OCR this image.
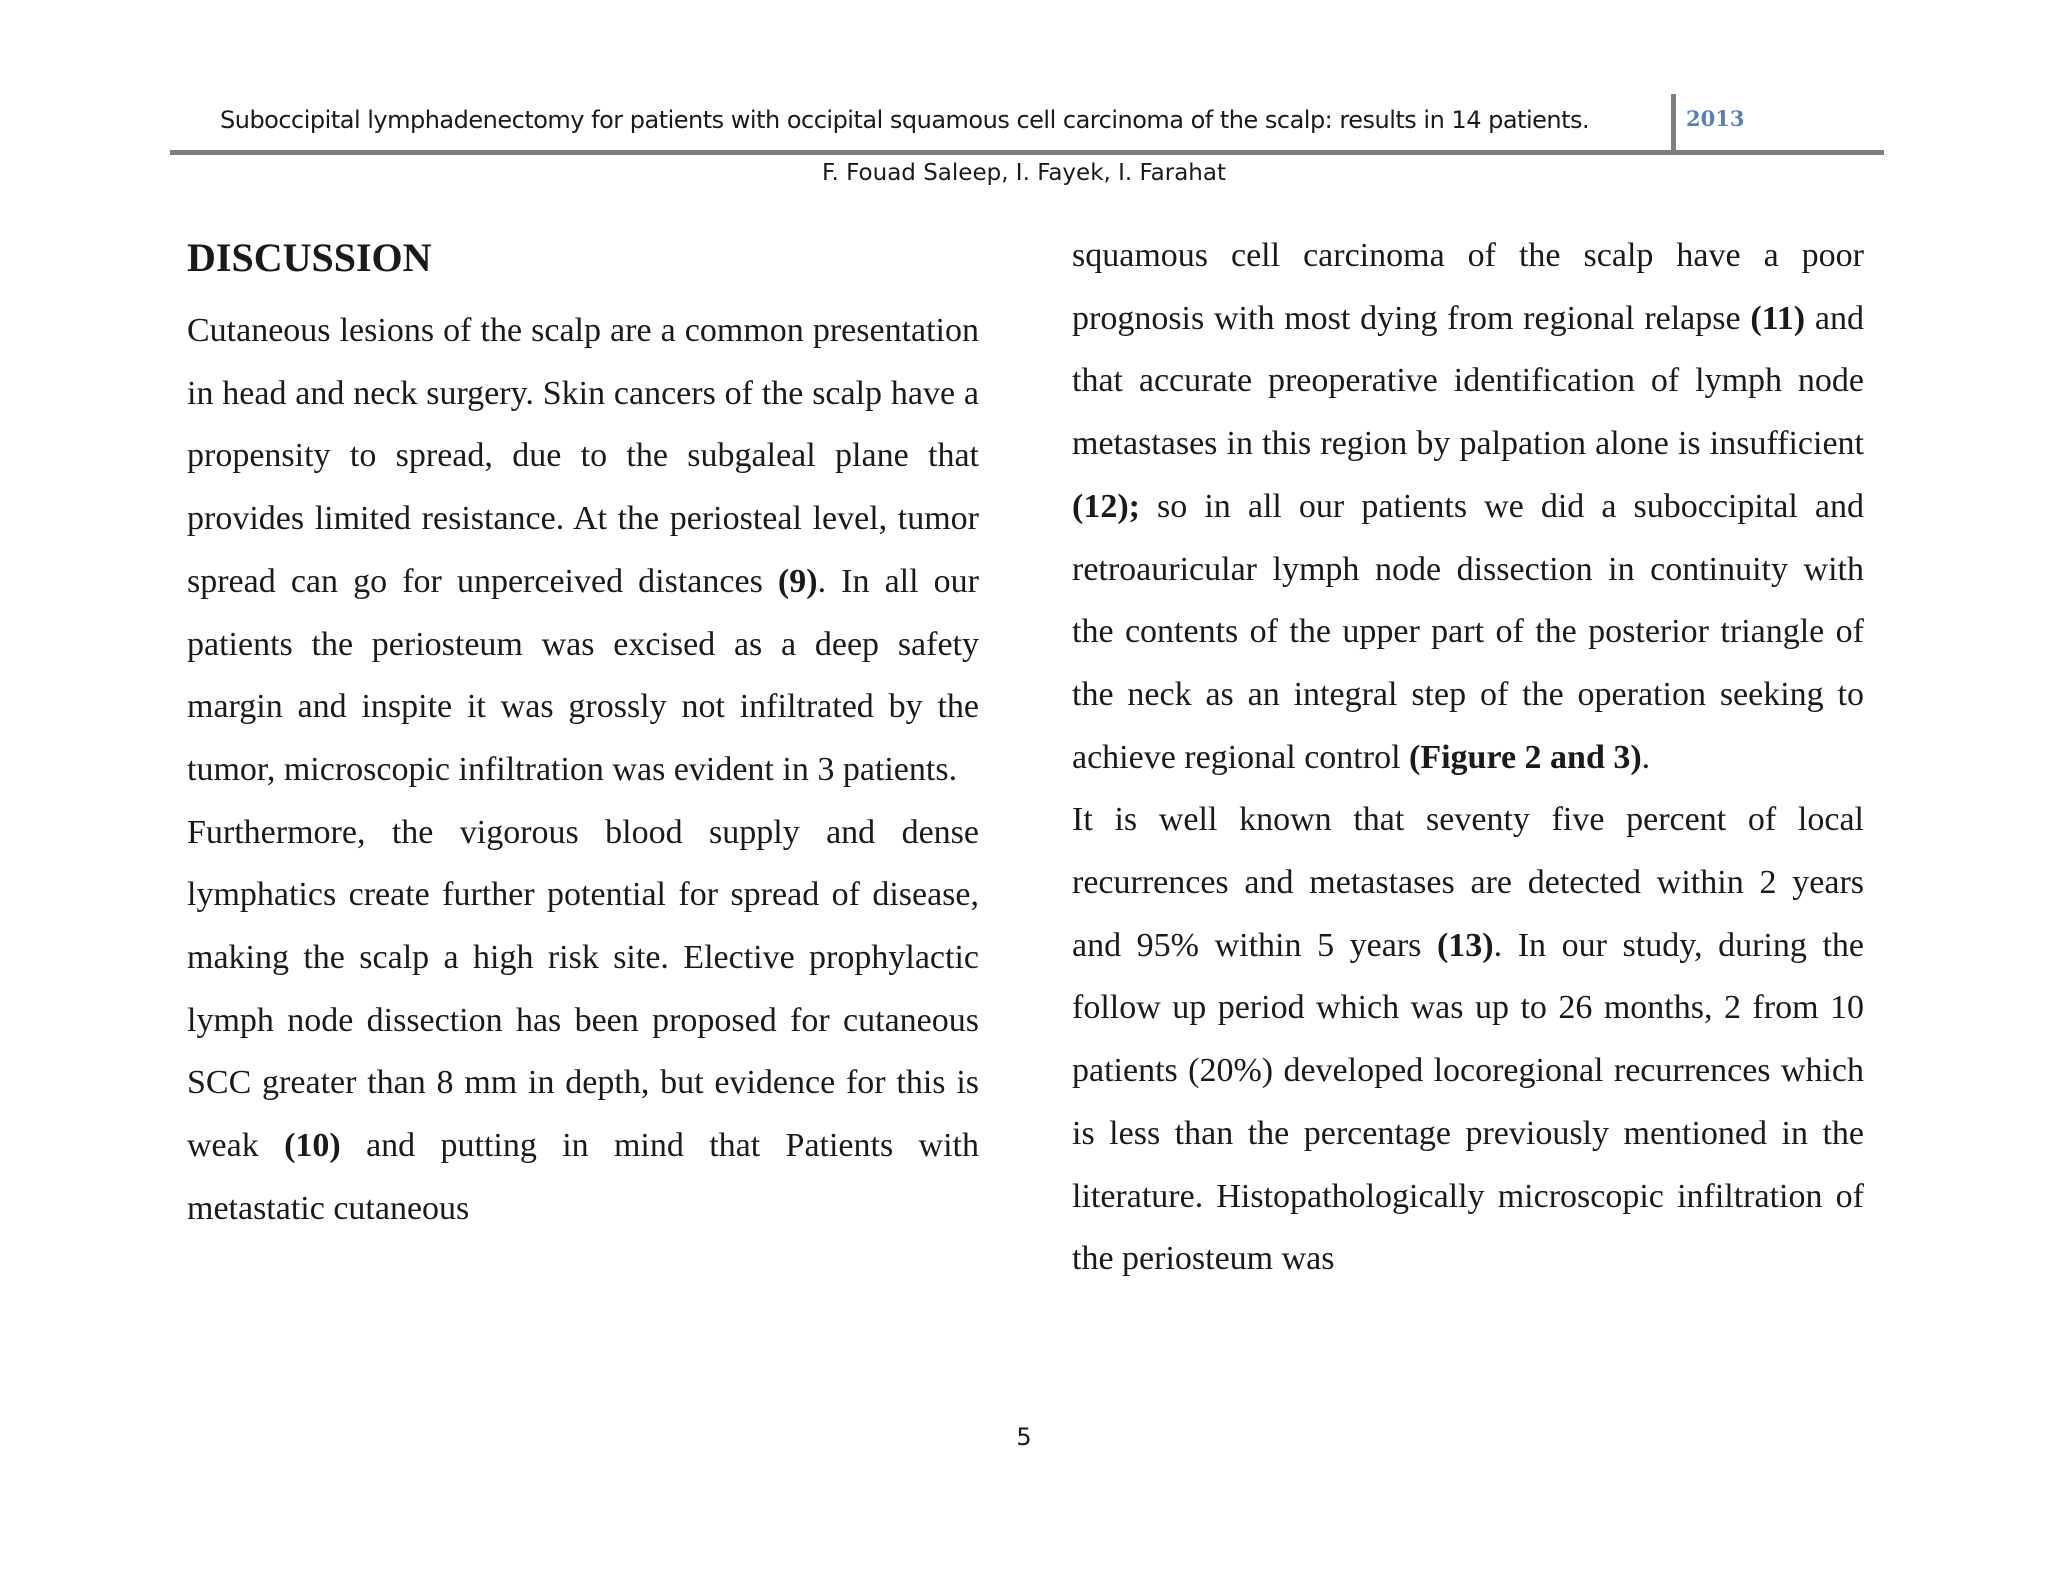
Suboccipital lymphadenectomy for patients with occipital squamous cell carcinoma of the scalp: results in 14 patients.	2013
F. Fouad Saleep, I. Fayek, I. Farahat
DISCUSSION

Cutaneous lesions of the scalp are a common presentation in head and neck surgery. Skin cancers of the scalp have a propensity to spread, due to the subgaleal plane that provides limited resistance. At the periosteal level, tumor spread can go for unperceived distances (9). In all our patients the periosteum was excised as a deep safety margin and inspite it was grossly not infiltrated by the tumor, microscopic infiltration was evident in 3 patients.

Furthermore, the vigorous blood supply and dense lymphatics create further potential for spread of disease, making the scalp a high risk site. Elective prophylactic lymph node dissection has been proposed for cutaneous SCC greater than 8 mm in depth, but evidence for this is weak (10) and putting in mind that Patients with metastatic cutaneous

squamous cell carcinoma of the scalp have a poor prognosis with most dying from regional relapse (11) and that accurate preoperative identification of lymph node metastases in this region by palpation alone is insufficient (12); so in all our patients we did a suboccipital and retroauricular lymph node dissection in continuity with the contents of the upper part of the posterior triangle of the neck as an integral step of the operation seeking to achieve regional control (Figure 2 and 3).

It is well known that seventy five percent of local recurrences and metastases are detected within 2 years and 95% within 5 years (13). In our study, during the follow up period which was up to 26 months, 2 from 10 patients (20%) developed locoregional recurrences which is less than the percentage previously mentioned in the literature. Histopathologically microscopic infiltration of the periosteum was

5
